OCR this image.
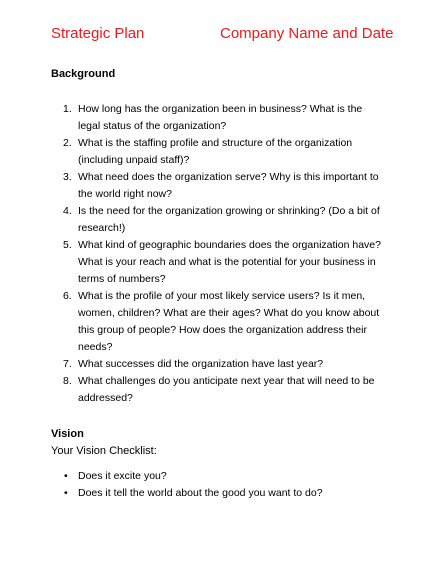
Strategic Plan	Company Name and Date
Background
1. How long has the organization been in business? What is the legal status of the organization?
2. What is the staffing profile and structure of the organization (including unpaid staff)?
3. What need does the organization serve? Why is this important to the world right now?
4. Is the need for the organization growing or shrinking? (Do a bit of research!)
5. What kind of geographic boundaries does the organization have? What is your reach and what is the potential for your business in terms of numbers?
6. What is the profile of your most likely service users? Is it men, women, children? What are their ages? What do you know about this group of people? How does the organization address their needs?
7. What successes did the organization have last year?
8. What challenges do you anticipate next year that will need to be addressed?
Vision
Your Vision Checklist:
• Does it excite you?
• Does it tell the world about the good you want to do?
